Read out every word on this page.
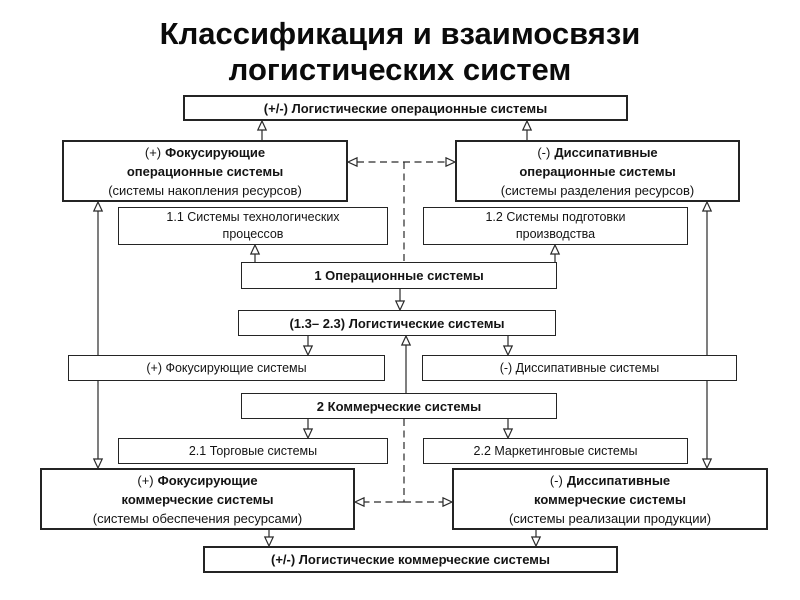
Классификация и взаимосвязи
логистических систем
(+/-) Логистические операционные системы
(+) Фокусирующие
операционные системы
(системы накопления ресурсов)
(-) Диссипативные
операционные системы
(системы разделения ресурсов)
1.1 Системы технологических
процессов
1.2 Системы подготовки
производства
1 Операционные системы
(1.3– 2.3) Логистические системы
(+) Фокусирующие системы	(-) Диссипативные системы
2 Коммерческие системы
2.1 Торговые системы	2.2 Маркетинговые системы
(+) Фокусирующие
коммерческие системы
(системы обеспечения ресурсами)
(-) Диссипативные
коммерческие системы
(системы реализации продукции)
(+/-) Логистические коммерческие системы
